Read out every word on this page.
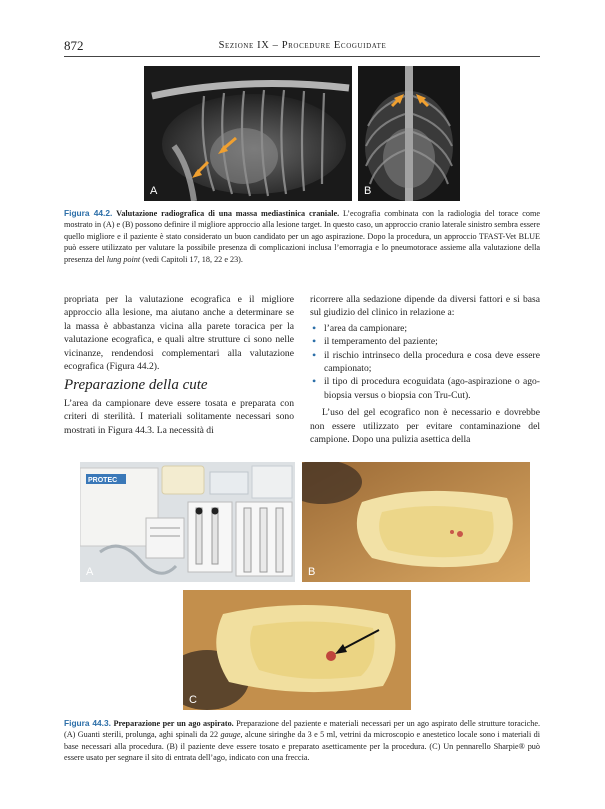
872	Sezione IX – Procedure Ecoguidate
A	B
Figura 44.2. Valutazione radiografica di una massa mediastinica craniale. L’ecografia combinata con la radiologia del torace come mostrato in (A) e (B) possono definire il migliore approccio alla lesione target. In questo caso, un approccio cranio laterale sinistro sembra essere quello migliore e il paziente è stato considerato un buon candidato per un ago aspirazione. Dopo la procedura, un approccio TFAST-Vet BLUE può essere utilizzato per valutare la possibile presenza di complicazioni inclusa l’emorragia e lo pneumotorace assieme alla valutazione della presenza del lung point (vedi Capitoli 17, 18, 22 e 23).

propriata per la valutazione ecografica e il migliore approccio alla lesione, ma aiutano anche a determinare se la massa è abbastanza vicina alla parete toracica per la valutazione ecografica, e quali altre strutture ci sono nelle vicinanze, rendendosi complementari alla valutazione ecografica (Figura 44.2).

Preparazione della cute

L’area da campionare deve essere tosata e preparata con criteri di sterilità. I materiali solitamente necessari sono mostrati in Figura 44.3. La necessità di

ricorrere alla sedazione dipende da diversi fattori e si basa sul giudizio del clinico in relazione a:

• l’area da campionare;
• il temperamento del paziente;
• il rischio intrinseco della procedura e cosa deve essere campionato;
• il tipo di procedura ecoguidata (ago-aspirazione o ago-biopsia versus o biopsia con Tru-Cut).

L’uso del gel ecografico non è necessario e dovrebbe non essere utilizzato per evitare contaminazione del campione. Dopo una pulizia asettica della

PROTEC
A	B
C
Figura 44.3. Preparazione per un ago aspirato. Preparazione del paziente e materiali necessari per un ago aspirato delle strutture toraciche. (A) Guanti sterili, prolunga, aghi spinali da 22 gauge, alcune siringhe da 3 e 5 ml, vetrini da microscopio e anestetico locale sono i materiali di base necessari alla procedura. (B) il paziente deve essere tosato e preparato asetticamente per la procedura. (C) Un pennarello Sharpie® può essere usato per segnare il sito di entrata dell’ago, indicato con una freccia.
